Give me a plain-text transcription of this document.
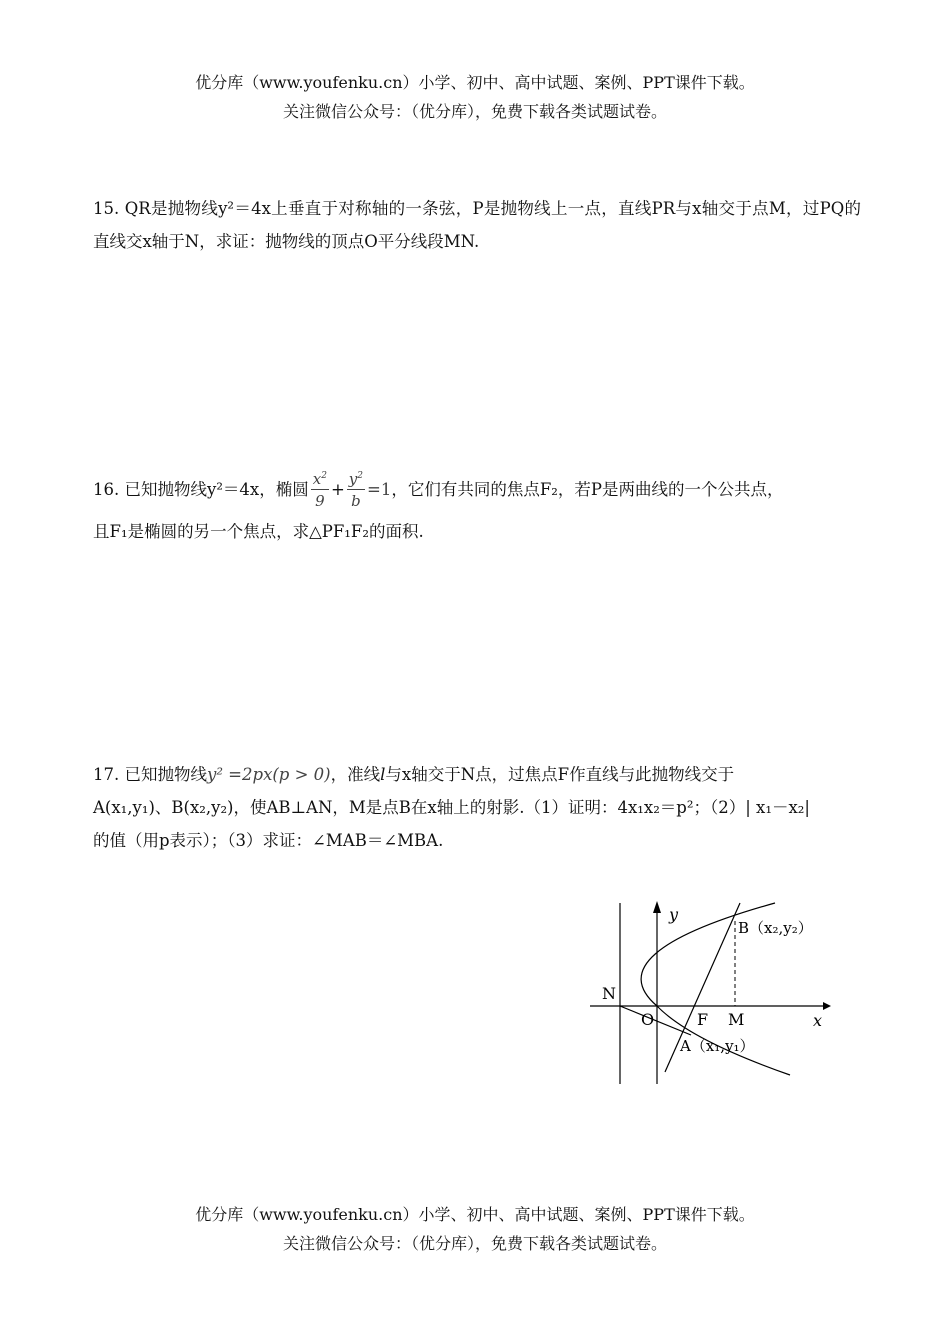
优分库（www.youfenku.cn）小学、初中、高中试题、案例、PPT课件下载。
关注微信公众号：（优分库），免费下载各类试题试卷。

15. QR是抛物线y²＝4x上垂直于对称轴的一条弦，P是抛物线上一点，直线PR与x轴交于点M，过PQ的直线交x轴于N，求证：抛物线的顶点O平分线段MN.

16. 已知抛物线y²＝4x，椭圆 $\frac{x^2}{9} + \frac{y^2}{b} =1$，它们有共同的焦点F₂，若P是两曲线的一个公共点，

且F₁是椭圆的另一个焦点，求△PF₁F₂的面积.

17. 已知抛物线y² =2px(p > 0)，准线l与x轴交于N点，过焦点F作直线与此抛物线交于

A(x₁,y₁)、B(x₂,y₂)，使AB⊥AN，M是点B在x轴上的射影.（1）证明：4x₁x₂＝p²；（2）| x₁－x₂|

的值（用p表示）；（3）求证：∠MAB＝∠MBA.

y
x
N
O	F M
A（x₁,y₁）
B（x₂,y₂）
优分库（www.youfenku.cn）小学、初中、高中试题、案例、PPT课件下载。
关注微信公众号：（优分库），免费下载各类试题试卷。
